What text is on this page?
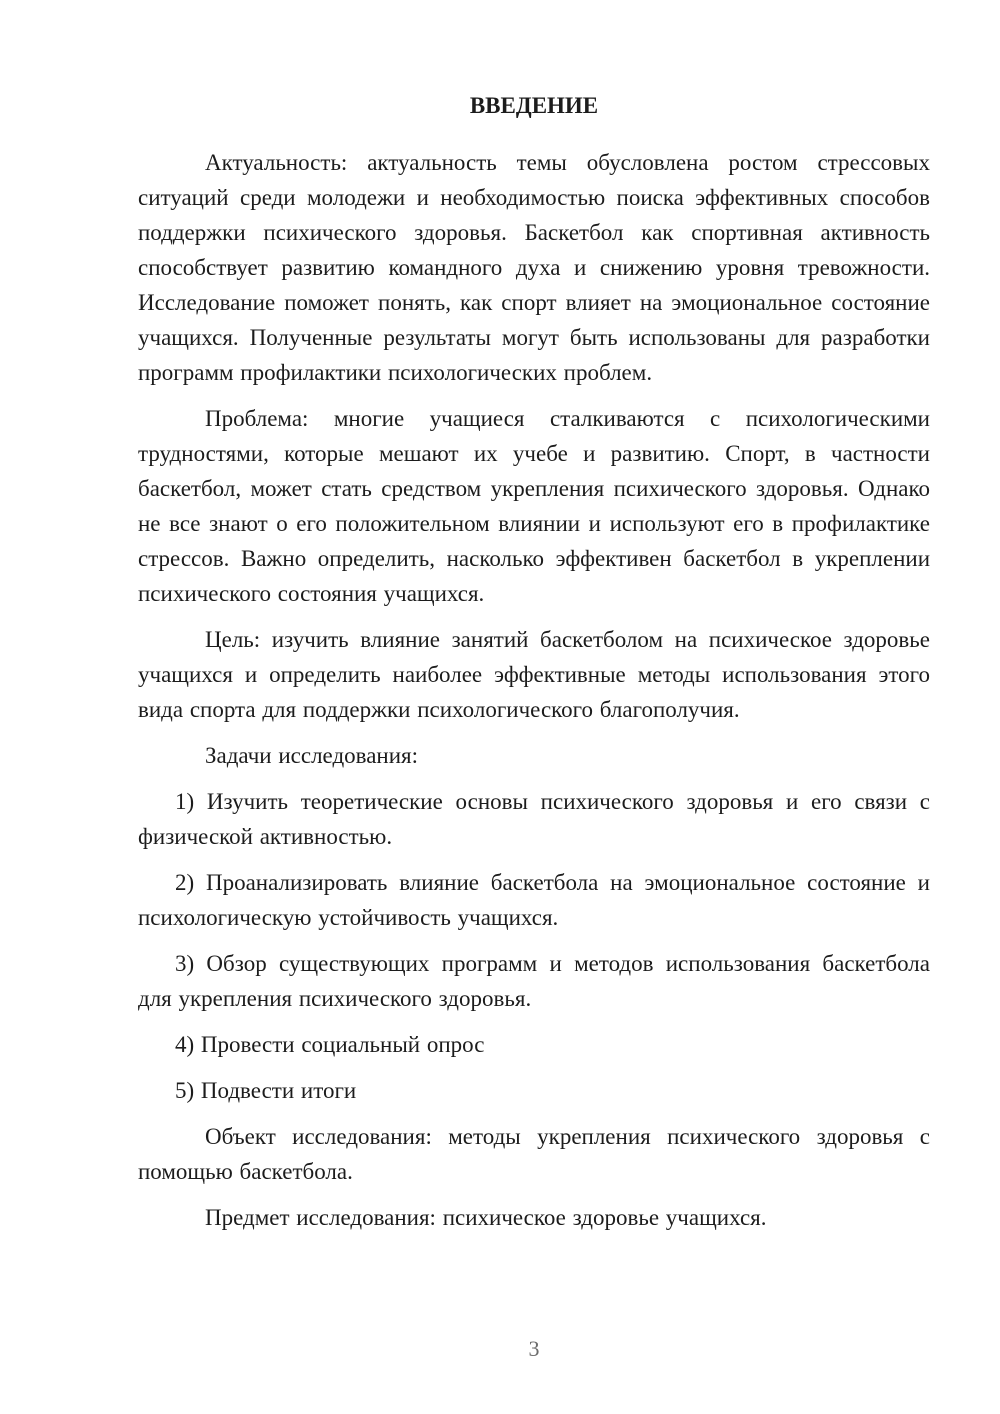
ВВЕДЕНИЕ

Актуальность: актуальность темы обусловлена ростом стрессовых ситуаций среди молодежи и необходимостью поиска эффективных способов поддержки психического здоровья. Баскетбол как спортивная активность способствует развитию командного духа и снижению уровня тревожности. Исследование поможет понять, как спорт влияет на эмоциональное состояние учащихся. Полученные результаты могут быть использованы для разработки программ профилактики психологических проблем.

Проблема: многие учащиеся сталкиваются с психологическими трудностями, которые мешают их учебе и развитию. Спорт, в частности баскетбол, может стать средством укрепления психического здоровья. Однако не все знают о его положительном влиянии и используют его в профилактике стрессов. Важно определить, насколько эффективен баскетбол в укреплении психического состояния учащихся.

Цель: изучить влияние занятий баскетболом на психическое здоровье учащихся и определить наиболее эффективные методы использования этого вида спорта для поддержки психологического благополучия.

Задачи исследования:

1) Изучить теоретические основы психического здоровья и его связи с физической активностью.

2) Проанализировать влияние баскетбола на эмоциональное состояние и психологическую устойчивость учащихся.

3) Обзор существующих программ и методов использования баскетбола для укрепления психического здоровья.

4) Провести социальный опрос

5) Подвести итоги

Объект исследования: методы укрепления психического здоровья с помощью баскетбола.

Предмет исследования: психическое здоровье учащихся.

3
